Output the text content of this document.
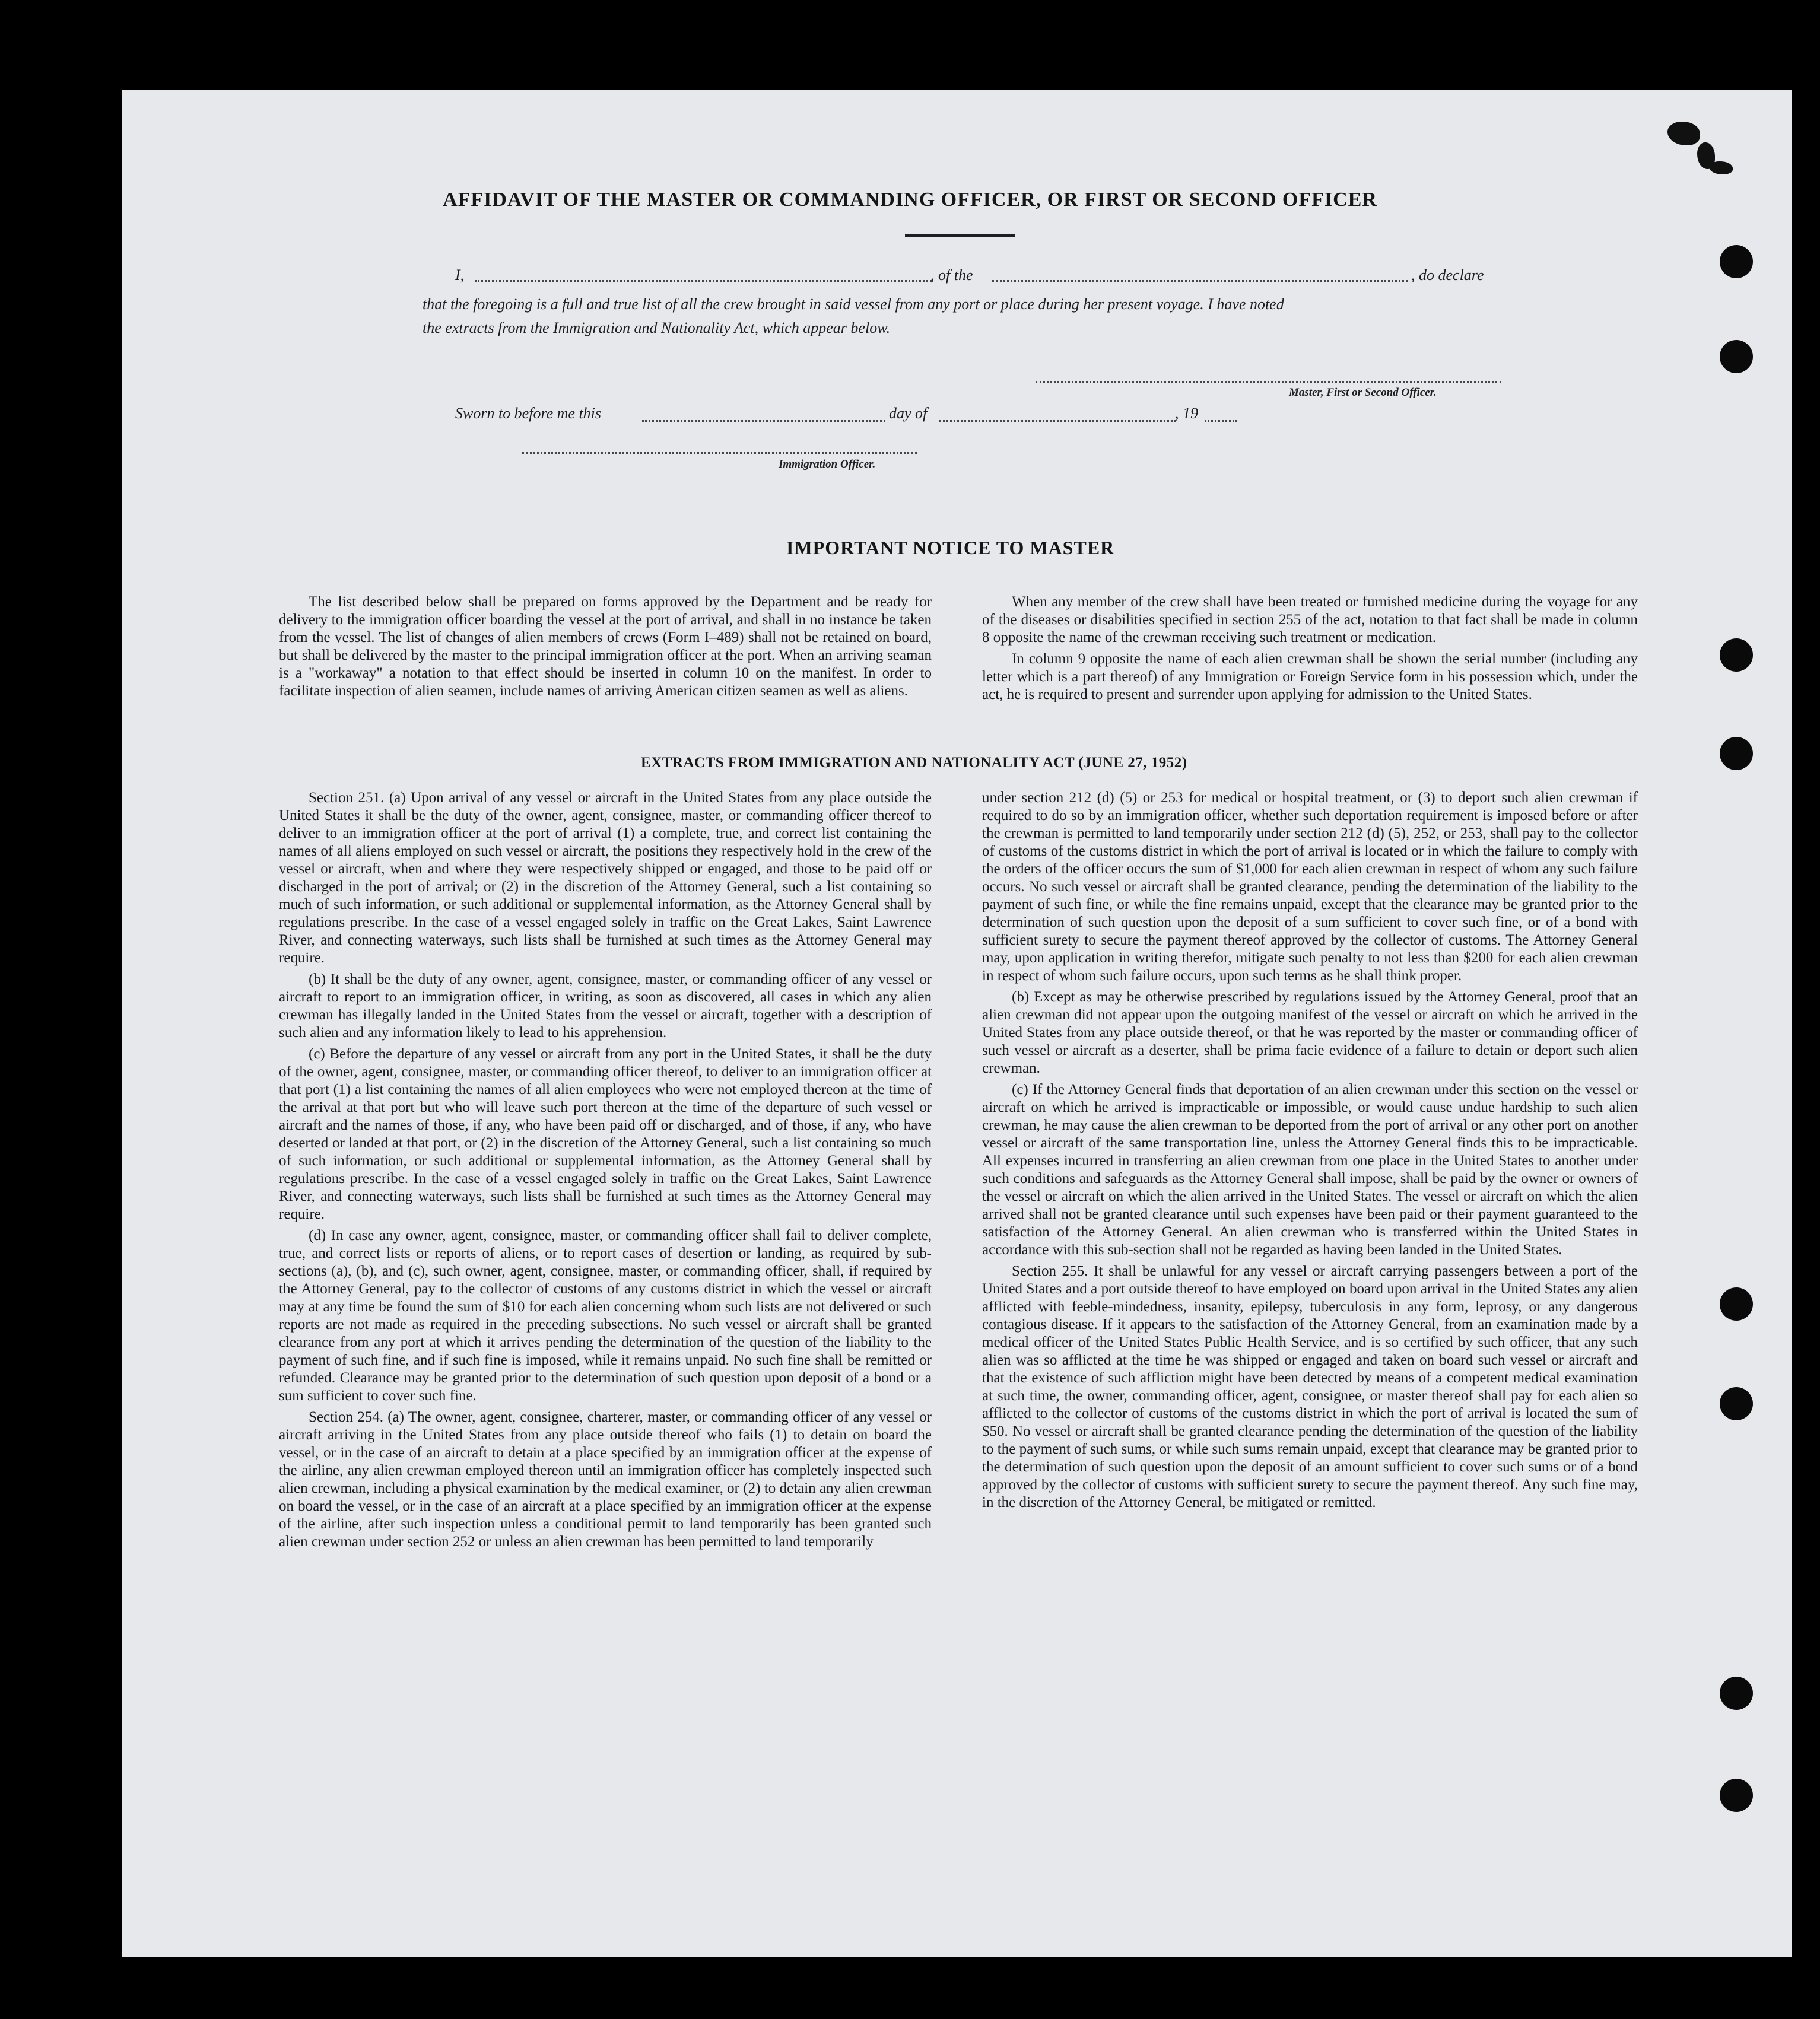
AFFIDAVIT OF THE MASTER OR COMMANDING OFFICER, OR FIRST OR SECOND OFFICER
I,	, of the	, do declare
that the foregoing is a full and true list of all the crew brought in said vessel from any port or place during her present voyage. I have noted
the extracts from the Immigration and Nationality Act, which appear below.
Master, First or Second Officer.
Sworn to before me this	day of	, 19
Immigration Officer.
IMPORTANT NOTICE TO MASTER

The list described below shall be prepared on forms approved by the Department and be ready for delivery to the immigration officer boarding the vessel at the port of arrival, and shall in no instance be taken from the vessel. The list of changes of alien members of crews (Form I–489) shall not be retained on board, but shall be delivered by the master to the principal immigration officer at the port. When an arriving seaman is a "workaway" a notation to that effect should be inserted in column 10 on the manifest. In order to facilitate inspection of alien seamen, include names of arriving American citizen seamen as well as aliens.

When any member of the crew shall have been treated or furnished medicine during the voyage for any of the diseases or disabilities specified in section 255 of the act, notation to that fact shall be made in column 8 opposite the name of the crewman receiving such treatment or medication.

In column 9 opposite the name of each alien crewman shall be shown the serial number (including any letter which is a part thereof) of any Immigration or Foreign Service form in his possession which, under the act, he is required to present and surrender upon applying for admission to the United States.

EXTRACTS FROM IMMIGRATION AND NATIONALITY ACT (JUNE 27, 1952)

Section 251. (a) Upon arrival of any vessel or aircraft in the United States from any place outside the United States it shall be the duty of the owner, agent, consignee, master, or commanding officer thereof to deliver to an immigration officer at the port of arrival (1) a complete, true, and correct list containing the names of all aliens employed on such vessel or aircraft, the positions they respectively hold in the crew of the vessel or aircraft, when and where they were respectively shipped or engaged, and those to be paid off or discharged in the port of arrival; or (2) in the discretion of the Attorney General, such a list containing so much of such information, or such additional or supplemental information, as the Attorney General shall by regulations prescribe. In the case of a vessel engaged solely in traffic on the Great Lakes, Saint Lawrence River, and connecting waterways, such lists shall be furnished at such times as the Attorney General may require.

(b) It shall be the duty of any owner, agent, consignee, master, or commanding officer of any vessel or aircraft to report to an immigration officer, in writing, as soon as discovered, all cases in which any alien crewman has illegally landed in the United States from the vessel or aircraft, together with a description of such alien and any information likely to lead to his apprehension.

(c) Before the departure of any vessel or aircraft from any port in the United States, it shall be the duty of the owner, agent, consignee, master, or commanding officer thereof, to deliver to an immigration officer at that port (1) a list containing the names of all alien employees who were not employed thereon at the time of the arrival at that port but who will leave such port thereon at the time of the departure of such vessel or aircraft and the names of those, if any, who have been paid off or discharged, and of those, if any, who have deserted or landed at that port, or (2) in the discretion of the Attorney General, such a list containing so much of such information, or such additional or supplemental information, as the Attorney General shall by regulations prescribe. In the case of a vessel engaged solely in traffic on the Great Lakes, Saint Lawrence River, and connecting waterways, such lists shall be furnished at such times as the Attorney General may require.

(d) In case any owner, agent, consignee, master, or commanding officer shall fail to deliver complete, true, and correct lists or reports of aliens, or to report cases of desertion or landing, as required by sub-sections (a), (b), and (c), such owner, agent, consignee, master, or commanding officer, shall, if required by the Attorney General, pay to the collector of customs of any customs district in which the vessel or aircraft may at any time be found the sum of $10 for each alien concerning whom such lists are not delivered or such reports are not made as required in the preceding subsections. No such vessel or aircraft shall be granted clearance from any port at which it arrives pending the determination of the question of the liability to the payment of such fine, and if such fine is imposed, while it remains unpaid. No such fine shall be remitted or refunded. Clearance may be granted prior to the determination of such question upon deposit of a bond or a sum sufficient to cover such fine.

Section 254. (a) The owner, agent, consignee, charterer, master, or commanding officer of any vessel or aircraft arriving in the United States from any place outside thereof who fails (1) to detain on board the vessel, or in the case of an aircraft to detain at a place specified by an immigration officer at the expense of the airline, any alien crewman employed thereon until an immigration officer has completely inspected such alien crewman, including a physical examination by the medical examiner, or (2) to detain any alien crewman on board the vessel, or in the case of an aircraft at a place specified by an immigration officer at the expense of the airline, after such inspection unless a conditional permit to land temporarily has been granted such alien crewman under section 252 or unless an alien crewman has been permitted to land temporarily

under section 212 (d) (5) or 253 for medical or hospital treatment, or (3) to deport such alien crewman if required to do so by an immigration officer, whether such deportation requirement is imposed before or after the crewman is permitted to land temporarily under section 212 (d) (5), 252, or 253, shall pay to the collector of customs of the customs district in which the port of arrival is located or in which the failure to comply with the orders of the officer occurs the sum of $1,000 for each alien crewman in respect of whom any such failure occurs. No such vessel or aircraft shall be granted clearance, pending the determination of the liability to the payment of such fine, or while the fine remains unpaid, except that the clearance may be granted prior to the determination of such question upon the deposit of a sum sufficient to cover such fine, or of a bond with sufficient surety to secure the payment thereof approved by the collector of customs. The Attorney General may, upon application in writing therefor, mitigate such penalty to not less than $200 for each alien crewman in respect of whom such failure occurs, upon such terms as he shall think proper.

(b) Except as may be otherwise prescribed by regulations issued by the Attorney General, proof that an alien crewman did not appear upon the outgoing manifest of the vessel or aircraft on which he arrived in the United States from any place outside thereof, or that he was reported by the master or commanding officer of such vessel or aircraft as a deserter, shall be prima facie evidence of a failure to detain or deport such alien crewman.

(c) If the Attorney General finds that deportation of an alien crewman under this section on the vessel or aircraft on which he arrived is impracticable or impossible, or would cause undue hardship to such alien crewman, he may cause the alien crewman to be deported from the port of arrival or any other port on another vessel or aircraft of the same transportation line, unless the Attorney General finds this to be impracticable. All expenses incurred in transferring an alien crewman from one place in the United States to another under such conditions and safeguards as the Attorney General shall impose, shall be paid by the owner or owners of the vessel or aircraft on which the alien arrived in the United States. The vessel or aircraft on which the alien arrived shall not be granted clearance until such expenses have been paid or their payment guaranteed to the satisfaction of the Attorney General. An alien crewman who is transferred within the United States in accordance with this sub-section shall not be regarded as having been landed in the United States.

Section 255. It shall be unlawful for any vessel or aircraft carrying passengers between a port of the United States and a port outside thereof to have employed on board upon arrival in the United States any alien afflicted with feeble-mindedness, insanity, epilepsy, tuberculosis in any form, leprosy, or any dangerous contagious disease. If it appears to the satisfaction of the Attorney General, from an examination made by a medical officer of the United States Public Health Service, and is so certified by such officer, that any such alien was so afflicted at the time he was shipped or engaged and taken on board such vessel or aircraft and that the existence of such affliction might have been detected by means of a competent medical examination at such time, the owner, commanding officer, agent, consignee, or master thereof shall pay for each alien so afflicted to the collector of customs of the customs district in which the port of arrival is located the sum of $50. No vessel or aircraft shall be granted clearance pending the determination of the question of the liability to the payment of such sums, or while such sums remain unpaid, except that clearance may be granted prior to the determination of such question upon the deposit of an amount sufficient to cover such sums or of a bond approved by the collector of customs with sufficient surety to secure the payment thereof. Any such fine may, in the discretion of the Attorney General, be mitigated or remitted.
